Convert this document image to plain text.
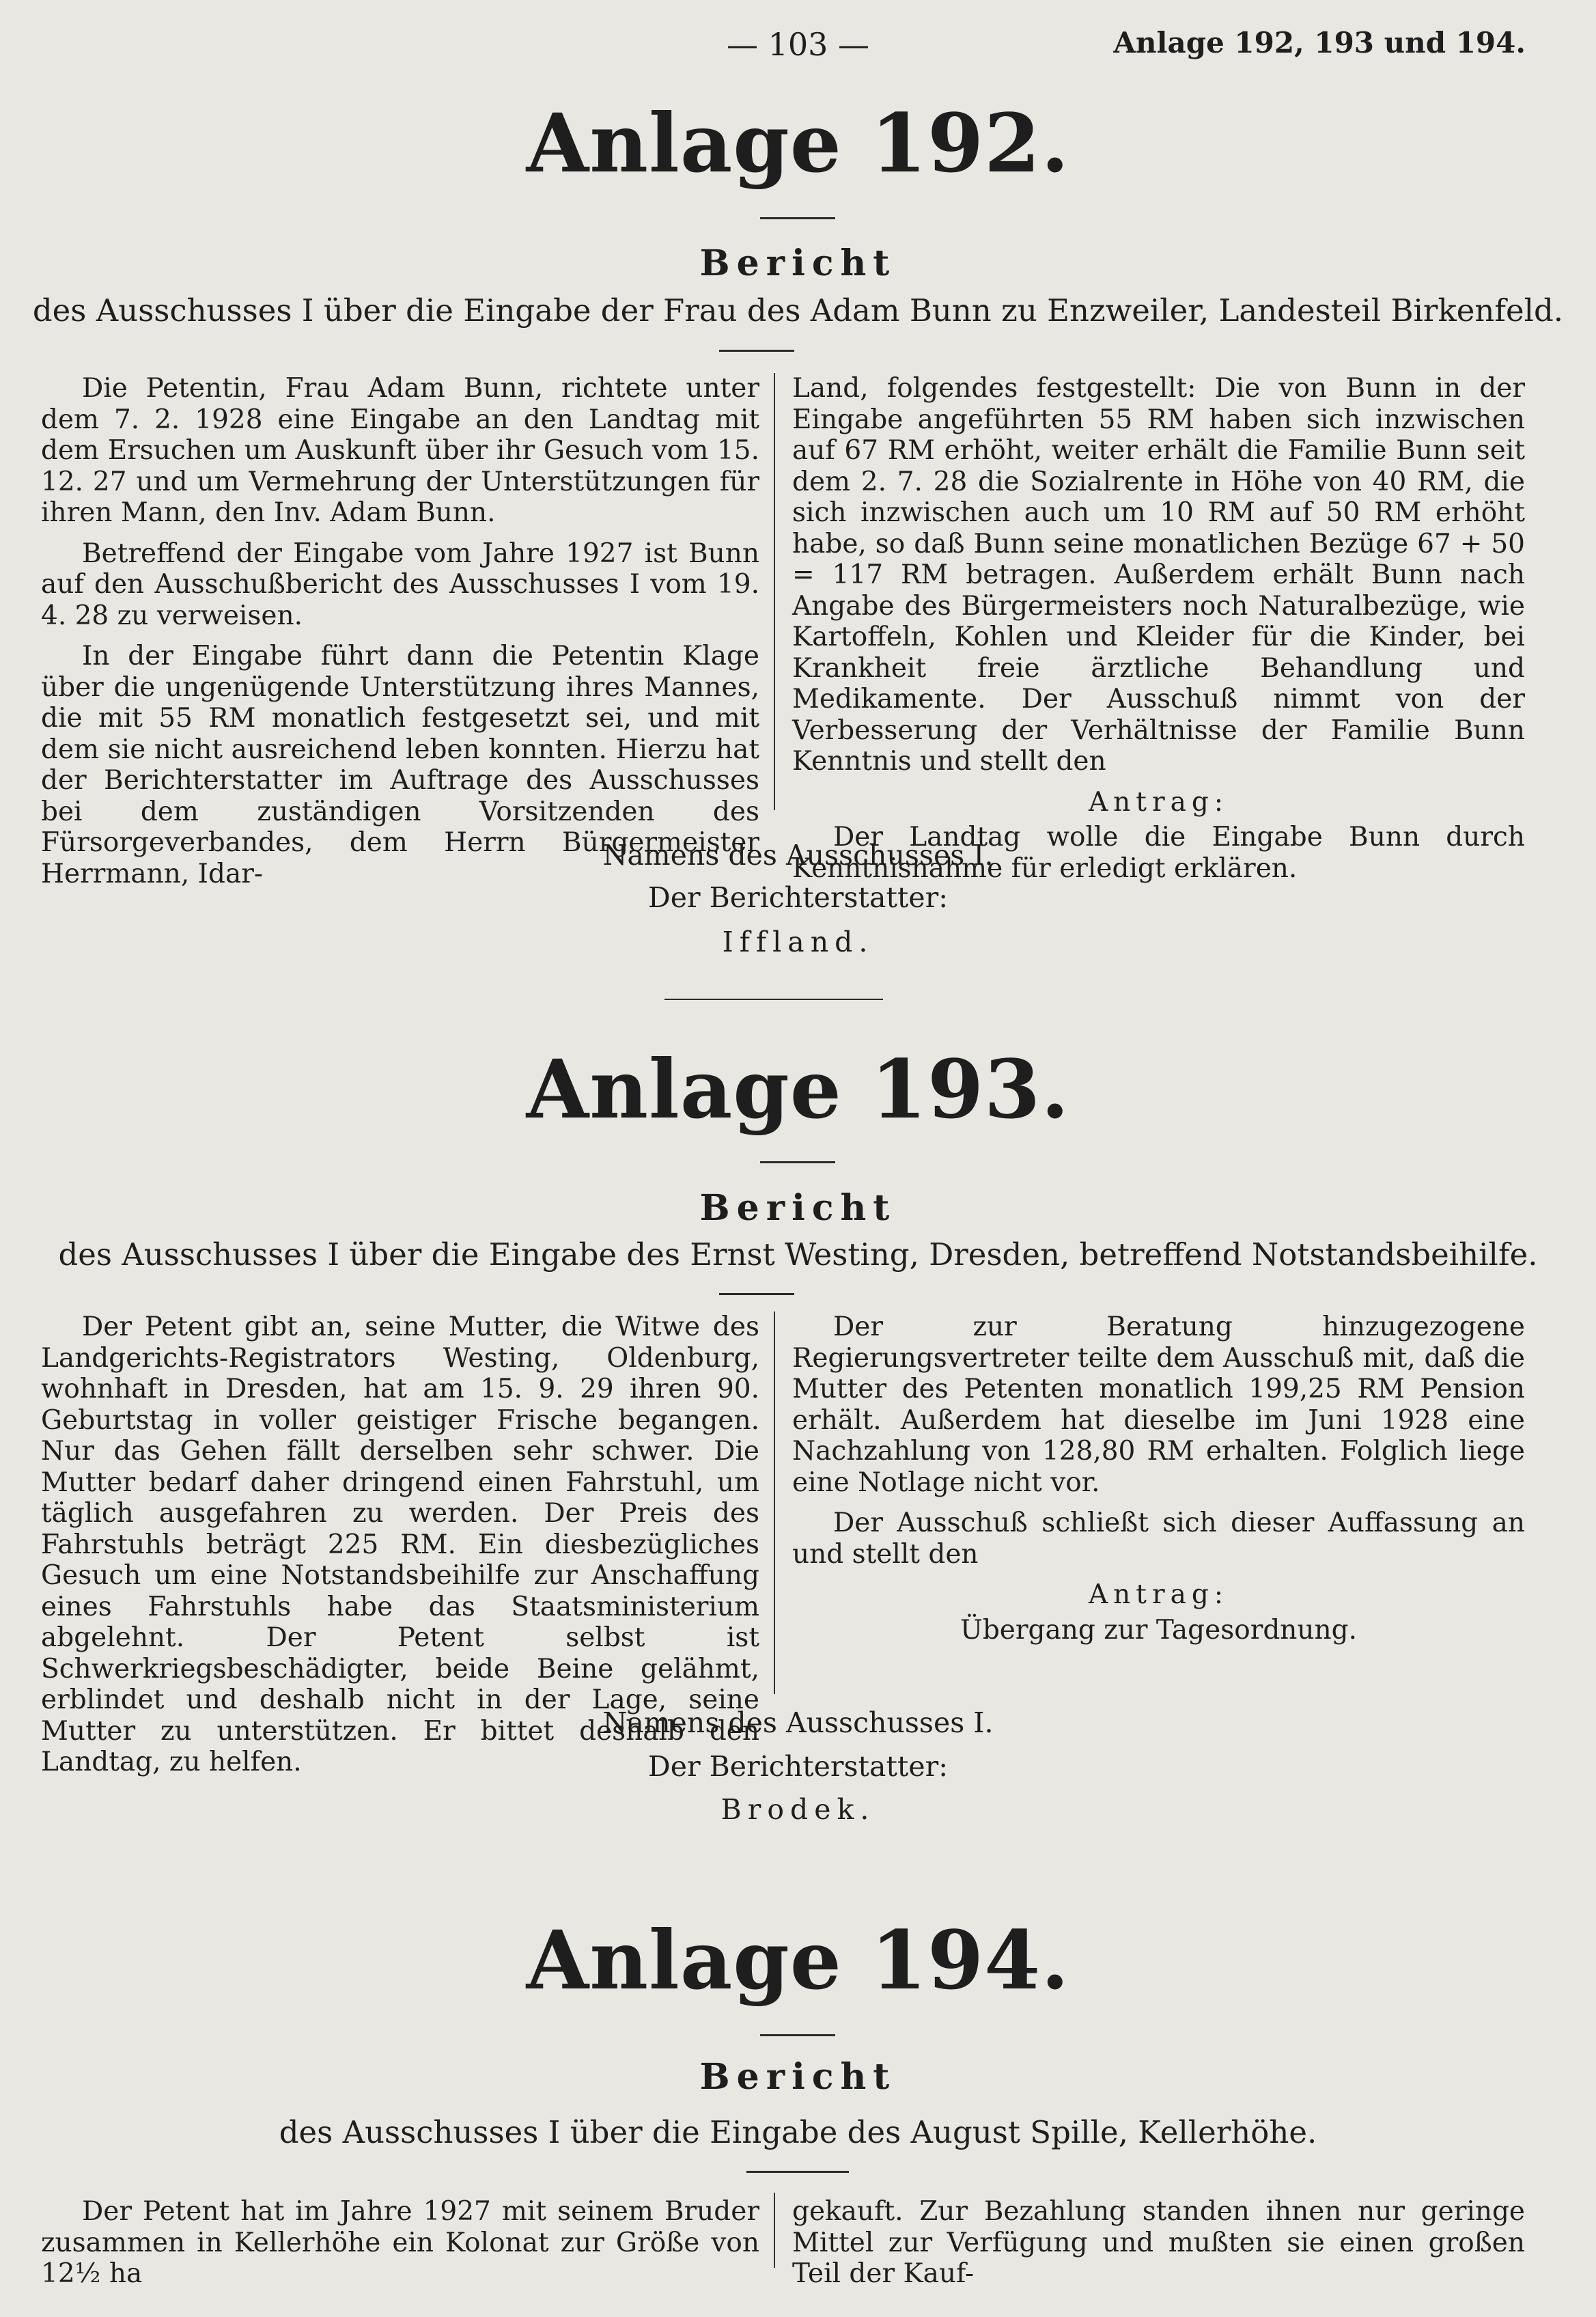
— 103 —	Anlage 192, 193 und 194.
Anlage 192.
Bericht
des Ausschusses I über die Eingabe der Frau des Adam Bunn zu Enzweiler, Landesteil Birkenfeld.

Die Petentin, Frau Adam Bunn, richtete unter dem 7. 2. 1928 eine Eingabe an den Landtag mit dem Ersuchen um Auskunft über ihr Gesuch vom 15. 12. 27 und um Vermehrung der Unterstützungen für ihren Mann, den Inv. Adam Bunn.

Betreffend der Eingabe vom Jahre 1927 ist Bunn auf den Ausschußbericht des Ausschusses I vom 19. 4. 28 zu verweisen.

In der Eingabe führt dann die Petentin Klage über die ungenügende Unterstützung ihres Mannes, die mit 55 RM monatlich festgesetzt sei, und mit dem sie nicht ausreichend leben konnten. Hierzu hat der Berichterstatter im Auftrage des Ausschusses bei dem zuständigen Vorsitzenden des Fürsorgeverbandes, dem Herrn Bürgermeister Herrmann, Idar-

Land, folgendes festgestellt: Die von Bunn in der Eingabe angeführten 55 RM haben sich inzwischen auf 67 RM erhöht, weiter erhält die Familie Bunn seit dem 2. 7. 28 die Sozialrente in Höhe von 40 RM, die sich inzwischen auch um 10 RM auf 50 RM erhöht habe, so daß Bunn seine monatlichen Bezüge 67 + 50 = 117 RM betragen. Außerdem erhält Bunn nach Angabe des Bürgermeisters noch Naturalbezüge, wie Kartoffeln, Kohlen und Kleider für die Kinder, bei Krankheit freie ärztliche Behandlung und Medikamente. Der Ausschuß nimmt von der Verbesserung der Verhältnisse der Familie Bunn Kenntnis und stellt den

Antrag:
Der Landtag wolle die Eingabe Bunn durch Kenntnisnahme für erledigt erklären.
Namens des Ausschusses I.
Der Berichterstatter:
Iffland.
Anlage 193.
Bericht
des Ausschusses I über die Eingabe des Ernst Westing, Dresden, betreffend Notstandsbeihilfe.

Der Petent gibt an, seine Mutter, die Witwe des Landgerichts-Registrators Westing, Oldenburg, wohnhaft in Dresden, hat am 15. 9. 29 ihren 90. Geburtstag in voller geistiger Frische begangen. Nur das Gehen fällt derselben sehr schwer. Die Mutter bedarf daher dringend einen Fahrstuhl, um täglich ausgefahren zu werden. Der Preis des Fahrstuhls beträgt 225 RM. Ein diesbezügliches Gesuch um eine Notstandsbeihilfe zur Anschaffung eines Fahrstuhls habe das Staatsministerium abgelehnt. Der Petent selbst ist Schwerkriegsbeschädigter, beide Beine gelähmt, erblindet und deshalb nicht in der Lage, seine Mutter zu unterstützen. Er bittet deshalb den Landtag, zu helfen.

Der zur Beratung hinzugezogene Regierungsvertreter teilte dem Ausschuß mit, daß die Mutter des Petenten monatlich 199,25 RM Pension erhält. Außerdem hat dieselbe im Juni 1928 eine Nachzahlung von 128,80 RM erhalten. Folglich liege eine Notlage nicht vor.

Der Ausschuß schließt sich dieser Auffassung an und stellt den

Antrag:
Übergang zur Tagesordnung.
Namens des Ausschusses I.
Der Berichterstatter:
Brodek.
Anlage 194.
Bericht
des Ausschusses I über die Eingabe des August Spille, Kellerhöhe.

Der Petent hat im Jahre 1927 mit seinem Bruder zusammen in Kellerhöhe ein Kolonat zur Größe von 12½ ha

gekauft. Zur Bezahlung standen ihnen nur geringe Mittel zur Verfügung und mußten sie einen großen Teil der Kauf-
